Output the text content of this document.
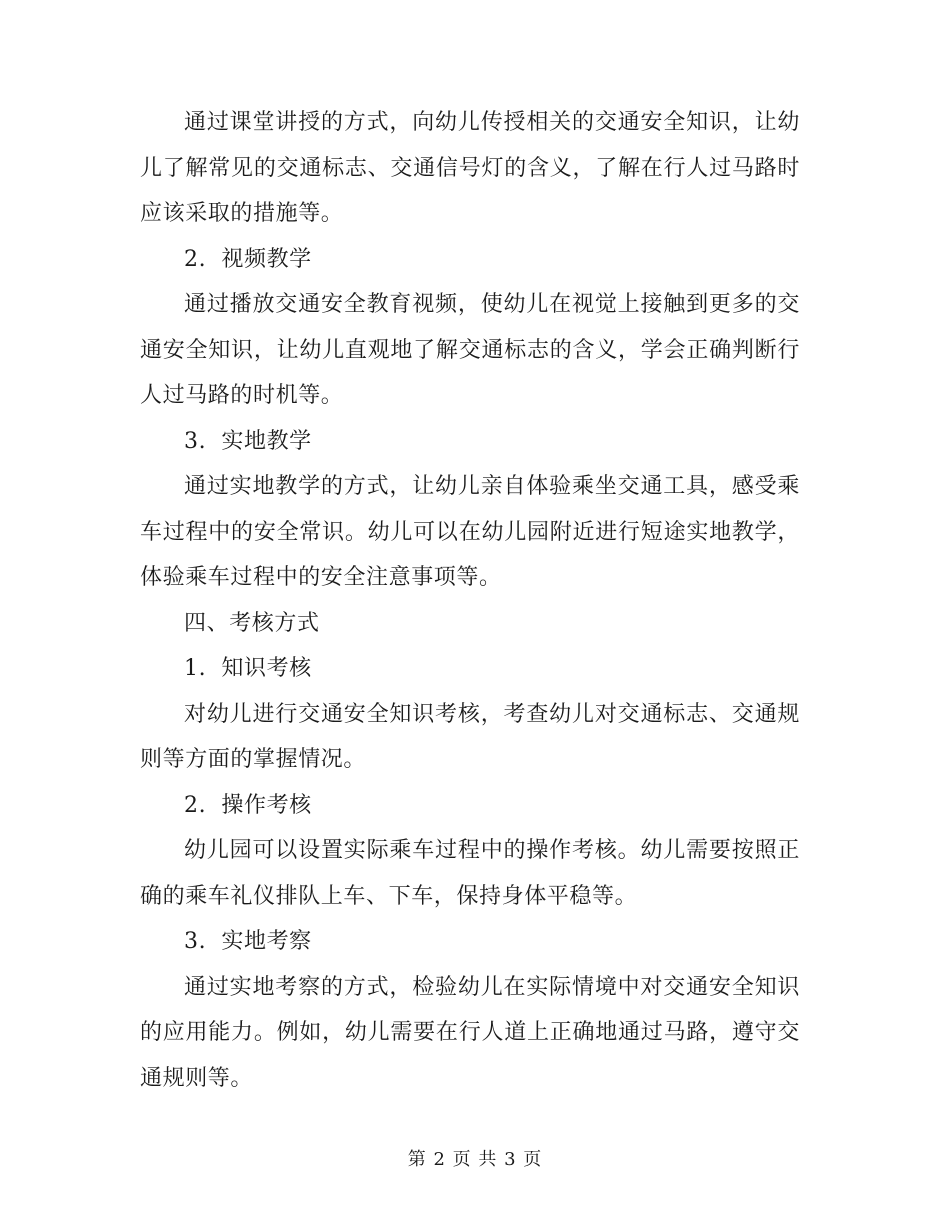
通过课堂讲授的方式，向幼儿传授相关的交通安全知识，让幼儿了解常见的交通标志、交通信号灯的含义，了解在行人过马路时应该采取的措施等。

2.  视频教学

通过播放交通安全教育视频，使幼儿在视觉上接触到更多的交通安全知识，让幼儿直观地了解交通标志的含义，学会正确判断行人过马路的时机等。

3.  实地教学

通过实地教学的方式，让幼儿亲自体验乘坐交通工具，感受乘车过程中的安全常识。幼儿可以在幼儿园附近进行短途实地教学，体验乘车过程中的安全注意事项等。

四、考核方式

1.  知识考核

对幼儿进行交通安全知识考核，考查幼儿对交通标志、交通规则等方面的掌握情况。

2.  操作考核

幼儿园可以设置实际乘车过程中的操作考核。幼儿需要按照正确的乘车礼仪排队上车、下车，保持身体平稳等。

3.  实地考察

通过实地考察的方式，检验幼儿在实际情境中对交通安全知识的应用能力。例如，幼儿需要在行人道上正确地通过马路，遵守交通规则等。

第 2 页 共 3 页
